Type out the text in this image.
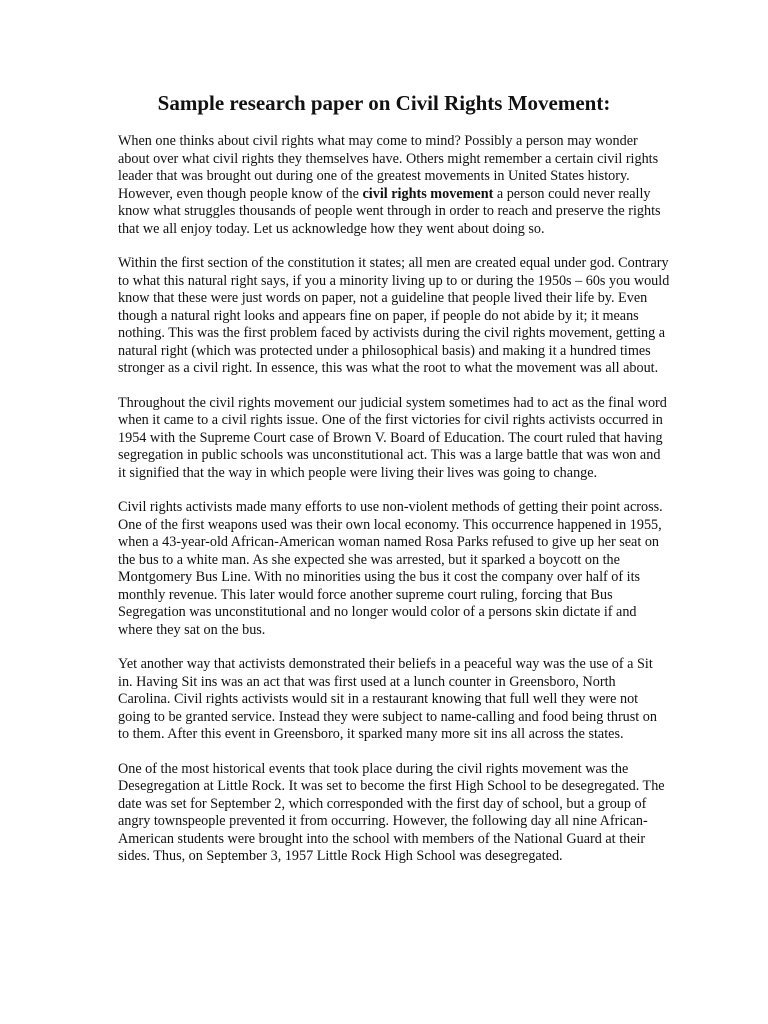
Sample research paper on Civil Rights Movement:

When one thinks about civil rights what may come to mind? Possibly a person may wonder
about over what civil rights they themselves have. Others might remember a certain civil rights
leader that was brought out during one of the greatest movements in United States history.
However, even though people know of the civil rights movement a person could never really
know what struggles thousands of people went through in order to reach and preserve the rights
that we all enjoy today. Let us acknowledge how they went about doing so.

Within the first section of the constitution it states; all men are created equal under god. Contrary
to what this natural right says, if you a minority living up to or during the 1950s – 60s you would
know that these were just words on paper, not a guideline that people lived their life by. Even
though a natural right looks and appears fine on paper, if people do not abide by it; it means
nothing. This was the first problem faced by activists during the civil rights movement, getting a
natural right (which was protected under a philosophical basis) and making it a hundred times
stronger as a civil right. In essence, this was what the root to what the movement was all about.

Throughout the civil rights movement our judicial system sometimes had to act as the final word
when it came to a civil rights issue. One of the first victories for civil rights activists occurred in
1954 with the Supreme Court case of Brown V. Board of Education. The court ruled that having
segregation in public schools was unconstitutional act. This was a large battle that was won and
it signified that the way in which people were living their lives was going to change.

Civil rights activists made many efforts to use non-violent methods of getting their point across.
One of the first weapons used was their own local economy. This occurrence happened in 1955,
when a 43-year-old African-American woman named Rosa Parks refused to give up her seat on
the bus to a white man. As she expected she was arrested, but it sparked a boycott on the
Montgomery Bus Line. With no minorities using the bus it cost the company over half of its
monthly revenue. This later would force another supreme court ruling, forcing that Bus
Segregation was unconstitutional and no longer would color of a persons skin dictate if and
where they sat on the bus.

Yet another way that activists demonstrated their beliefs in a peaceful way was the use of a Sit
in. Having Sit ins was an act that was first used at a lunch counter in Greensboro, North
Carolina. Civil rights activists would sit in a restaurant knowing that full well they were not
going to be granted service. Instead they were subject to name-calling and food being thrust on
to them. After this event in Greensboro, it sparked many more sit ins all across the states.

One of the most historical events that took place during the civil rights movement was the
Desegregation at Little Rock. It was set to become the first High School to be desegregated. The
date was set for September 2, which corresponded with the first day of school, but a group of
angry townspeople prevented it from occurring. However, the following day all nine African-
American students were brought into the school with members of the National Guard at their
sides. Thus, on September 3, 1957 Little Rock High School was desegregated.
